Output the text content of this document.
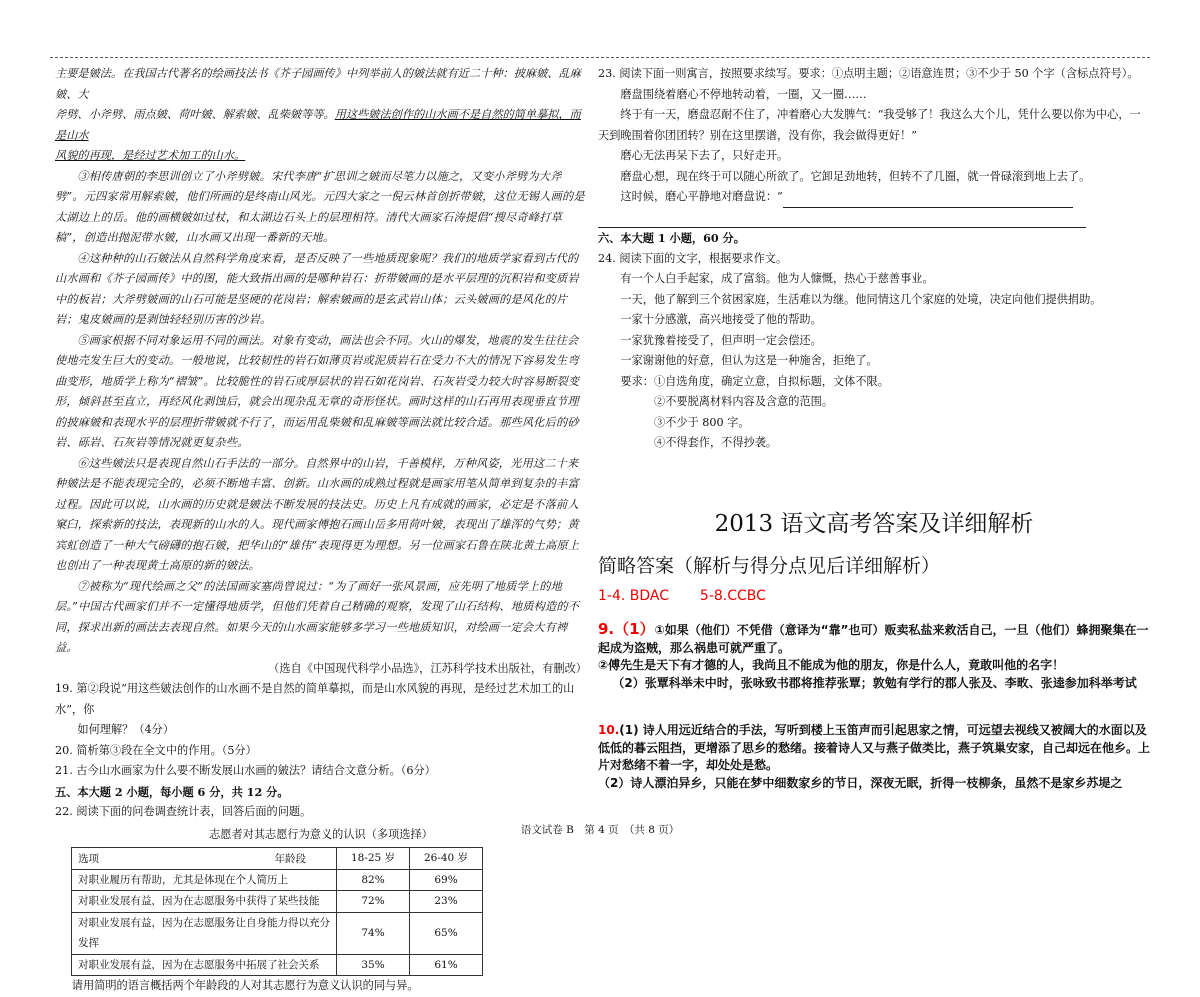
主要是皴法。在我国古代著名的绘画技法书《芥子园画传》中列举前人的皴法就有近二十种：披麻皴、乱麻皴、大

斧劈、小斧劈、雨点皴、荷叶皴、解索皴、乱柴皴等等。用这些皴法创作的山水画不是自然的简单摹拟，而是山水

风貌的再现，是经过艺术加工的山水。

③相传唐朝的李思训创立了小斧劈皴。宋代李唐“扩思训之皴而尽笔力以施之，又变小斧劈为大斧劈”。元四家常用解索皴，他们所画的是终南山风光。元四大家之一倪云林首创折带皴，这位无锡人画的是太湖边上的岳。他的画横皴如过杖，和太湖边石头上的层理相符。清代大画家石涛提倡“搜尽奇峰打草稿”，创造出抛泥带水皴，山水画又出现一番新的天地。

④这种种的山石皴法从自然科学角度来看，是否反映了一些地质现象呢？我们的地质学家看到古代的山水画和《芥子园画传》中的图，能大致指出画的是哪种岩石：折带皴画的是水平层理的沉积岩和变质岩中的板岩；大斧劈皴画的山石可能是坚硬的花岗岩；解索皴画的是玄武岩山体；云头皴画的是风化的片岩；鬼皮皴画的是剥蚀轻轻别历害的沙岩。

⑤画家根据不同对象运用不同的画法。对象有变动，画法也会不同。火山的爆发，地震的发生往往会使地壳发生巨大的变动。一般地说，比较韧性的岩石如薄页岩或泥质岩石在受力不大的情况下容易发生弯曲变形，地质学上称为“褶皱”。比较脆性的岩石或厚层状的岩石如花岗岩、石灰岩受力较大时容易断裂变形，倾斜甚至直立，再经风化剥蚀后，就会出现杂乱无章的奇形怪状。画时这样的山石再用表现垂直节理的披麻皴和表现水平的层理折带皴就不行了，而运用乱柴皴和乱麻皴等画法就比较合适。那些风化后的砂岩、砾岩、石灰岩等情况就更复杂些。

⑥这些皴法只是表现自然山石手法的一部分。自然界中的山岩，千善模样，万种风姿，光用这二十来种皴法是不能表现完全的，必须不断地丰富、创新。山水画的成熟过程就是画家用笔从简单到复杂的丰富过程。因此可以说，山水画的历史就是皴法不断发展的技法史。历史上凡有成就的画家，必定是不落前人窠臼，探索新的技法，表现新的山水的人。现代画家傅抱石画山岳多用荷叶皴，表现出了雄浑的气势；黄宾虹创造了一种大气磅礴的抱石皴，把华山的“雄伟”表现得更为理想。另一位画家石鲁在陕北黄土高原上也创出了一种表现黄土高原的新的皴法。

⑦被称为“现代绘画之父”的法国画家塞尚曾说过：“为了画好一张风景画，应先明了地质学上的地层。”中国古代画家们并不一定懂得地质学，但他们凭着自己精确的观察，发现了山石结构、地质构造的不同，探求出新的画法去表现自然。如果今天的山水画家能够多学习一些地质知识，对绘画一定会大有裨益。

（选自《中国现代科学小品选》，江苏科学技术出版社，有删改）

19. 第②段说“用这些皴法创作的山水画不是自然的简单摹拟，而是山水风貌的再现，是经过艺术加工的山水”，你

如何理解？（4分）

20. 简析第③段在全文中的作用。（5分）

21. 古今山水画家为什么要不断发展山水画的皴法？请结合文意分析。（6分）

五、本大题 2 小题，每小题 6 分，共 12 分。

22. 阅读下面的问卷调查统计表，回答后面的问题。

志愿者对其志愿行为意义的认识（多项选择）

选项 年龄段	18-25 岁	26-40 岁
对职业履历有帮助，尤其是体现在个人简历上	82%	69%
对职业发展有益，因为在志愿服务中获得了某些技能	72%	23%
对职业发展有益，因为在志愿服务让自身能力得以充分发挥	74%	65%
对职业发展有益，因为在志愿服务中拓展了社会关系	35%	61%

请用简明的语言概括两个年龄段的人对其志愿行为意义认识的同与异。

23. 阅读下面一则寓言，按照要求续写。要求：①点明主题；②语意连贯；③不少于 50 个字（含标点符号）。

磨盘围绕着磨心不停地转动着，一圈，又一圈……

终于有一天，磨盘忍耐不住了，冲着磨心大发脾气：“我受够了！我这么大个儿，凭什么要以你为中心，一天到晚围着你团团转？别在这里摆谱，没有你，我会做得更好！”

磨心无法再呆下去了，只好走开。

磨盘心想，现在终于可以随心所欲了。它卸足劲地转，但转不了几圈，就一骨碌滚到地上去了。

这时候，磨心平静地对磨盘说：“

六、本大题 1 小题，60 分。

24. 阅读下面的文字，根据要求作文。

有一个人白手起家，成了富翁。他为人慷慨，热心于慈善事业。

一天，他了解到三个贫困家庭，生活难以为继。他同情这几个家庭的处境，决定向他们提供捐助。

一家十分感激，高兴地接受了他的帮助。

一家犹豫着接受了，但声明一定会偿还。

一家谢谢他的好意，但认为这是一种施舍，拒绝了。

要求：①自选角度，确定立意，自拟标题，文体不限。

②不要脱离材料内容及含意的范围。

③不少于 800 字。

④不得套作，不得抄袭。

2013 语文高考答案及详细解析
简略答案（解析与得分点见后详细解析）
1-4. BDAC 5-8.CCBC
9.（1）①如果（他们）不凭借（意译为“靠”也可）贩卖私盐来救活自己，一旦（他们）蜂拥聚集在一起成为盗贼，那么祸患可就严重了。
②傅先生是天下有才德的人，我尚且不能成为他的朋友，你是什么人，竟敢叫他的名字！
（2）张覃科举未中时，张咏致书郡将推荐张覃；敦勉有学行的郡人张及、李畋、张逵参加科举考试
10.(1) 诗人用远近结合的手法，写听到楼上玉笛声而引起思家之情，可远望去视线又被阔大的水面以及低低的暮云阻挡，更增添了思乡的愁绪。接着诗人又与燕子做类比，燕子筑巢安家，自己却远在他乡。上片对愁绪不着一字，却处处是愁。
（2）诗人漂泊异乡，只能在梦中细数家乡的节日，深夜无眠，折得一枝柳条，虽然不是家乡苏堤之
语文试卷 B　第 4 页　（共 8 页）
